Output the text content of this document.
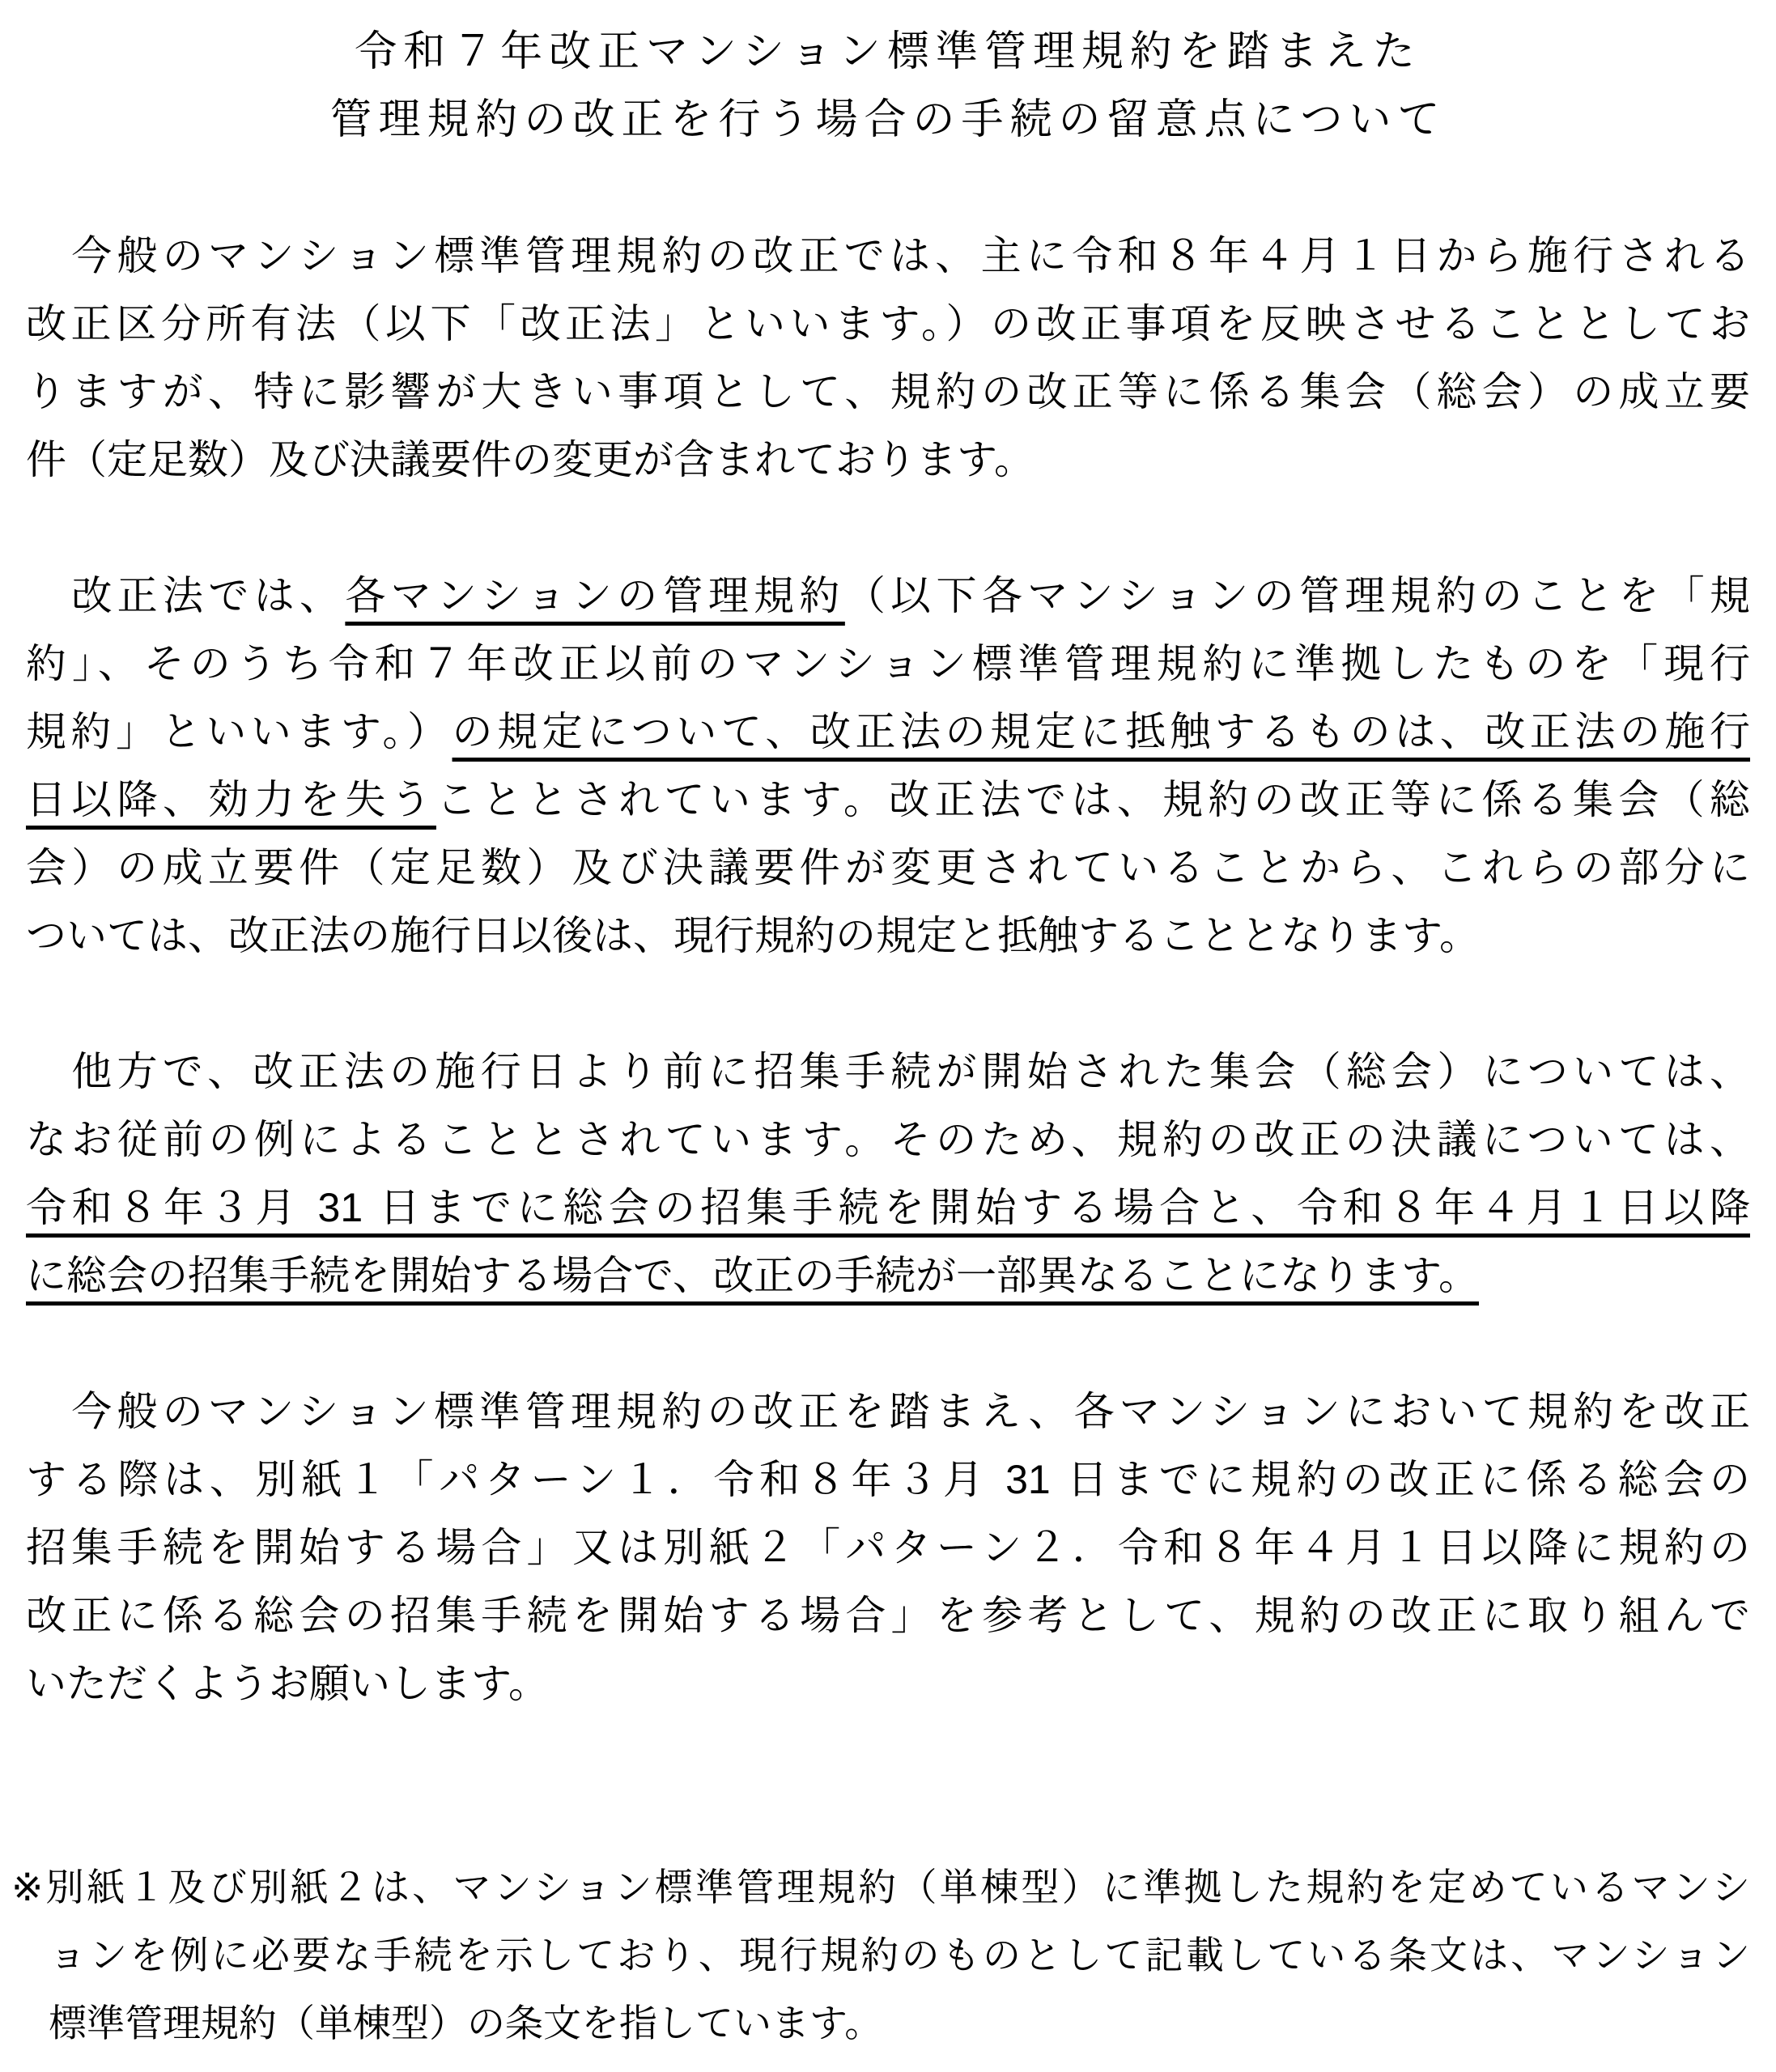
令和７年改正マンション標準管理規約を踏まえた
管理規約の改正を行う場合の手続の留意点について
　今般のマンション標準管理規約の改正では、主に令和８年４月１日から施行される
改正区分所有法（以下「改正法」といいます。）の改正事項を反映させることとしてお
りますが、特に影響が大きい事項として、規約の改正等に係る集会（総会）の成立要
件（定足数）及び決議要件の変更が含まれております。
　改正法では、各マンションの管理規約（以下各マンションの管理規約のことを「規
約」、そのうち令和７年改正以前のマンション標準管理規約に準拠したものを「現行
規約」といいます。）の規定について、改正法の規定に抵触するものは、改正法の施行
日以降、効力を失うこととされています。改正法では、規約の改正等に係る集会（総
会）の成立要件（定足数）及び決議要件が変更されていることから、これらの部分に
ついては、改正法の施行日以後は、現行規約の規定と抵触することとなります。
　他方で、改正法の施行日より前に招集手続が開始された集会（総会）については、
なお従前の例によることとされています。そのため、規約の改正の決議については、
令和８年３月 31 日までに総会の招集手続を開始する場合と、令和８年４月１日以降
に総会の招集手続を開始する場合で、改正の手続が一部異なることになります。
　今般のマンション標準管理規約の改正を踏まえ、各マンションにおいて規約を改正
する際は、別紙１「パターン１．令和８年３月 31 日までに規約の改正に係る総会の
招集手続を開始する場合」又は別紙２「パターン２．令和８年４月１日以降に規約の
改正に係る総会の招集手続を開始する場合」を参考として、規約の改正に取り組んで
いただくようお願いします。
※別紙１及び別紙２は、マンション標準管理規約（単棟型）に準拠した規約を定めているマンシ
ョンを例に必要な手続を示しており、現行規約のものとして記載している条文は、マンション
標準管理規約（単棟型）の条文を指しています。
